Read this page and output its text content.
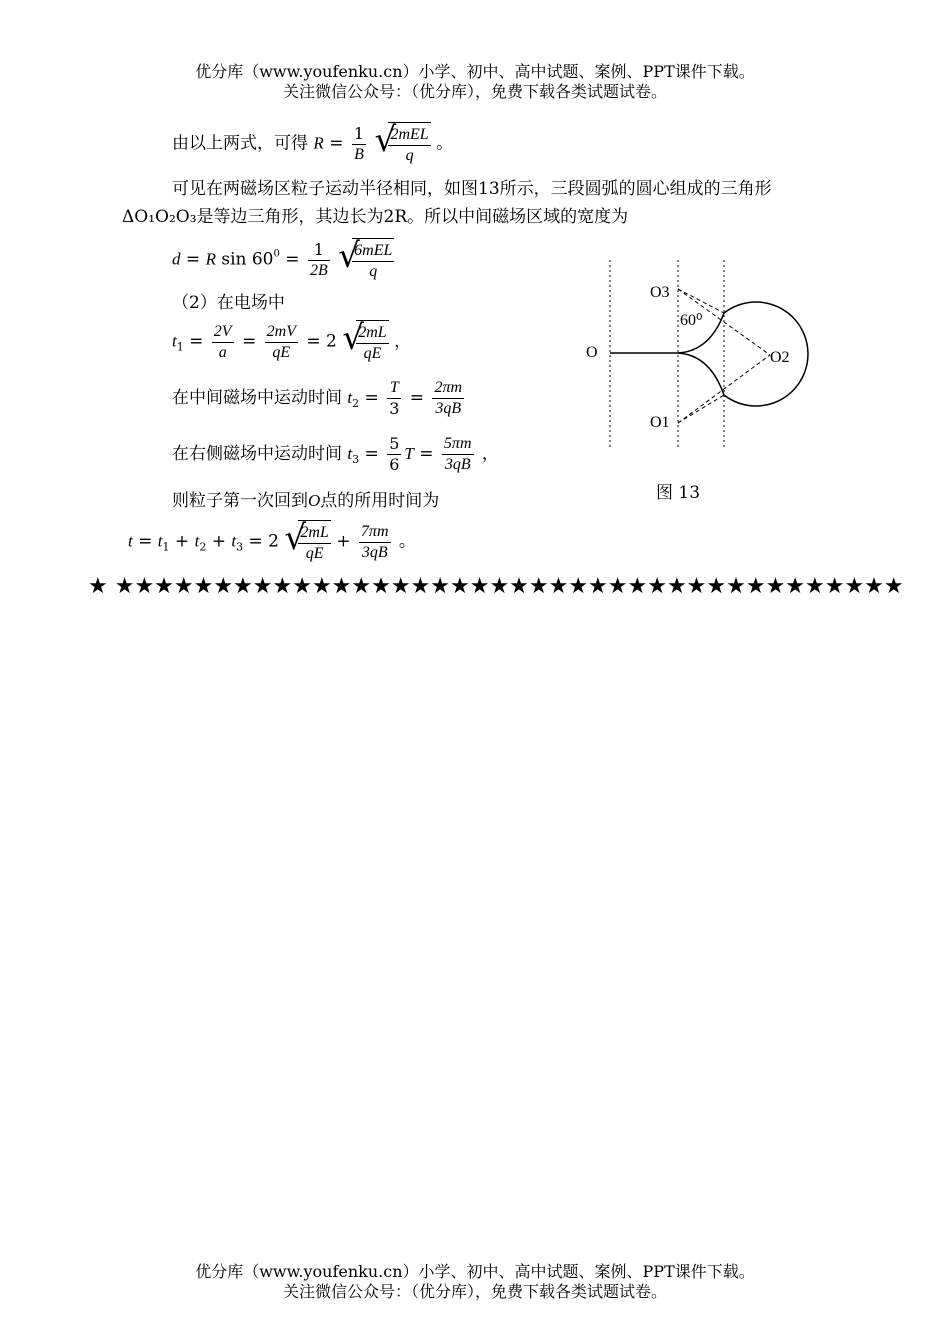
优分库（www.youfenku.cn）小学、初中、高中试题、案例、PPT课件下载。
关注微信公众号：（优分库），免费下载各类试题试卷。
由以上两式，可得 $R = \frac{1}{B}$
√
$\frac{\text{2mEL}}{q}$ 。
可见在两磁场区粒子运动半径相同，如图13所示，三段圆弧的圆心组成的三角形
ΔO₁O₂O₃是等边三角形，其边长为2R。所以中间磁场区域的宽度为
d = R $\sin 60^0 = \frac{1}{2B}$
√
$\frac{\text{6mEL}}{q}$
（2）在电场中
$t_1 = \frac{2V}{a} = \frac{2mV}{qE} = 2$ √
$\frac{2mL}{qE}$ ，
在中间磁场中运动时间 $t_2 = \frac{T}{3} = \frac{2\pi m}{3qB}$
在右侧磁场中运动时间 $t_3 = \frac{5}{6}$ $T = \frac{5\pi m}{3qB}$ ，
则粒子第一次回到O点的所用时间为
$t = t_1 + t_2 + t_3 = 2$ √
$\frac{2mL}{qE} + \frac{7\pi m}{3qB}$ 。
O
O3
60⁰
O2
O1
图 13
★ ★★★★★★★★★★★★★★★★★★★★★★★★★★★★★★★★★★★★★★★★
优分库（www.youfenku.cn）小学、初中、高中试题、案例、PPT课件下载。
关注微信公众号：（优分库），免费下载各类试题试卷。
